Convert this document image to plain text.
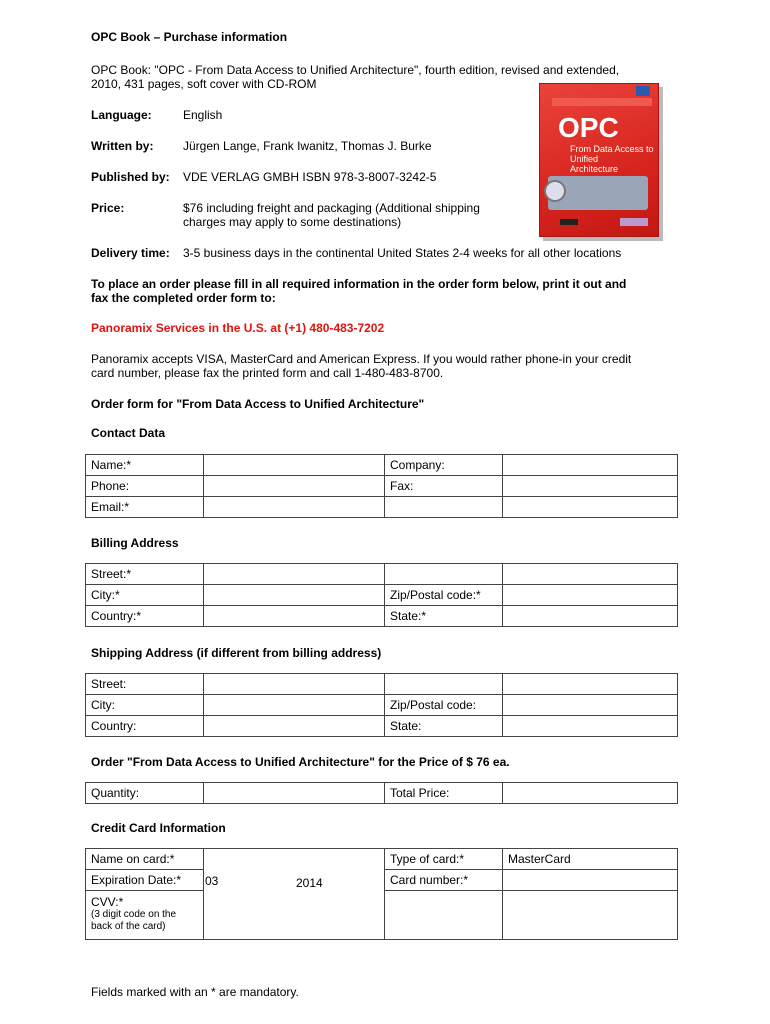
OPC Book – Purchase information
OPC Book: "OPC - From Data Access to Unified Architecture", fourth edition, revised and extended,
2010, 431 pages, soft cover with CD-ROM
Language:	English
Written by: Jürgen Lange, Frank Iwanitz, Thomas J. Burke
Published by: VDE VERLAG GMBH ISBN 978-3-8007-3242-5
Price:	$76 including freight and packaging (Additional shipping
charges may apply to some destinations)
Delivery time: 3-5 business days in the continental United States 2-4 weeks for all other locations
OPC
From Data Access to Unified
Architecture
To place an order please fill in all required information in the order form below, print it out and
fax the completed order form to:
Panoramix Services in the U.S. at (+1) 480-483-7202
Panoramix accepts VISA, MasterCard and American Express. If you would rather phone-in your credit
card number, please fax the printed form and call 1-480-483-8700.
Order form for "From Data Access to Unified Architecture"
Contact Data
Name:*		Company:	
Phone:		Fax:	
Email:*			
Billing Address
Street:*			
City:*		Zip/Postal code:*	
Country:*		State:*	
Shipping Address (if different from billing address)
Street:			
City:		Zip/Postal code:	
Country:		State:	
Order "From Data Access to Unified Architecture" for the Price of $ 76 ea.
Quantity:		Total Price:	
Credit Card Information
Name on card:*		Type of card:*	MasterCard
Expiration Date:*	03 2014	Card number:*	

CVV:*
(3 digit code on the
back of the card)			

Fields marked with an * are mandatory.
